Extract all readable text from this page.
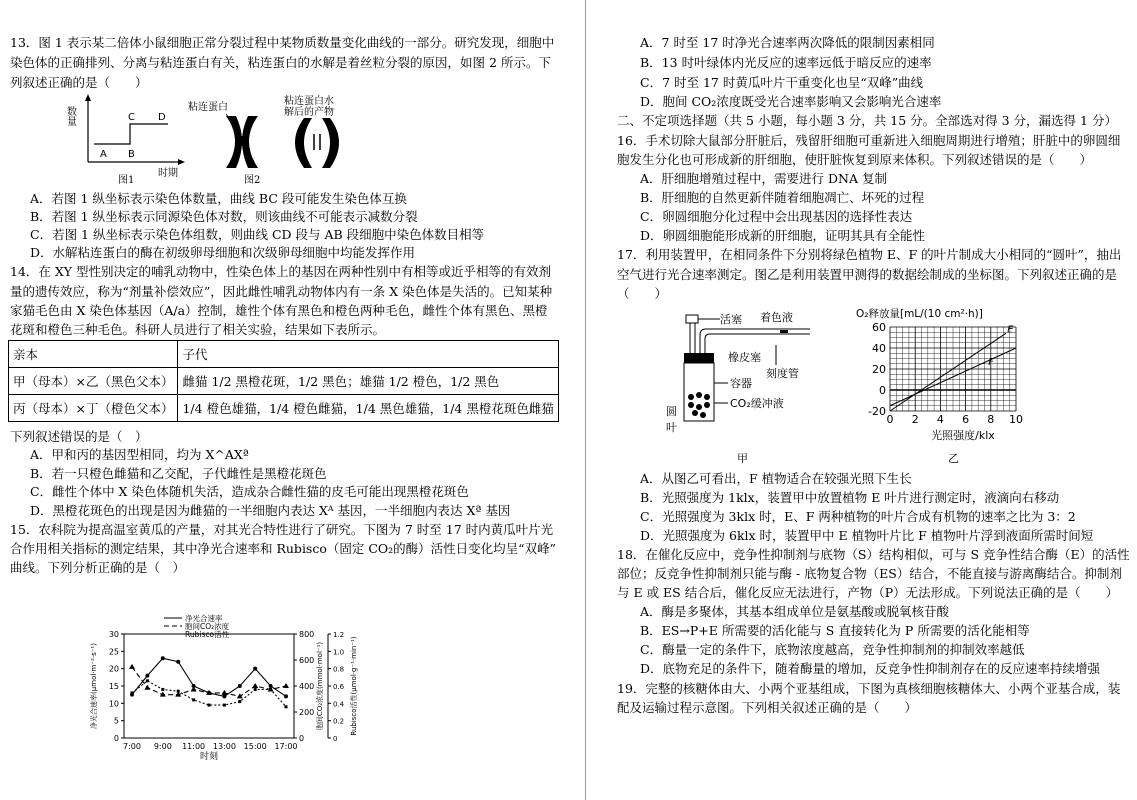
13．图 1 表示某二倍体小鼠细胞正常分裂过程中某物质数量变化曲线的一部分。研究发现，细胞中
染色体的正确排列、分离与粘连蛋白有关，粘连蛋白的水解是着丝粒分裂的原因，如图 2 所示。下
列叙述正确的是（　　）
数量
A B
C D
时期
图1
粘连蛋白
粘连蛋白水
解后的产物
图2
A．若图 1 纵坐标表示染色体数量，曲线 BC 段可能发生染色体互换
B．若图 1 纵坐标表示同源染色体对数，则该曲线不可能表示减数分裂
C．若图 1 纵坐标表示染色体组数，则曲线 CD 段与 AB 段细胞中染色体数目相等
D．水解粘连蛋白的酶在初级卵母细胞和次级卵母细胞中均能发挥作用
14．在 XY 型性别决定的哺乳动物中，性染色体上的基因在两种性别中有相等或近乎相等的有效剂
量的遗传效应，称为“剂量补偿效应”，因此雌性哺乳动物体内有一条 X 染色体是失活的。已知某种
家猫毛色由 X 染色体基因（A/a）控制，雄性个体有黑色和橙色两种毛色，雌性个体有黑色、黑橙
花斑和橙色三种毛色。科研人员进行了相关实验，结果如下表所示。
亲本	子代
甲（母本）×乙（黑色父本）	雌猫 1/2 黑橙花斑，1/2 黑色；雄猫 1/2 橙色，1/2 黑色
丙（母本）×丁（橙色父本）	1/4 橙色雄猫，1/4 橙色雌猫，1/4 黑色雄猫，1/4 黑橙花斑色雌猫
下列叙述错误的是（　）
A．甲和丙的基因型相同，均为 X^AXª
B．若一只橙色雌猫和乙交配，子代雌性是黑橙花斑色
C．雌性个体中 X 染色体随机失活，造成杂合雌性猫的皮毛可能出现黑橙花斑色
D．黑橙花斑色的出现是因为雌猫的一半细胞内表达 Xᴬ 基因，一半细胞内表达 Xª 基因
15．农科院为提高温室黄瓜的产量，对其光合特性进行了研究。下图为 7 时至 17 时内黄瓜叶片光
合作用相关指标的测定结果，其中净光合速率和 Rubisco（固定 CO₂的酶）活性日变化均呈“双峰”
曲线。下列分析正确的是（　）
0
5
10
15
20
25
30
0
200
400
600
800
0
0.2
0.4
0.6
0.8
1.0
1.2
7:00 9:00 11:00 13:00 15:00 17:00
时刻
净光合速率(μmol·m⁻²·s⁻¹)	胞间CO₂浓度(mmol·mol⁻¹)	Rubisco活性(μmol·g⁻¹·min⁻¹)
净光合速率
胞间CO₂浓度
Rubisco活性
A．7 时至 17 时净光合速率两次降低的限制因素相同
B．13 时叶绿体内光反应的速率远低于暗反应的速率
C．7 时至 17 时黄瓜叶片干重变化也呈“双峰”曲线
D．胞间 CO₂浓度既受光合速率影响又会影响光合速率
二、不定项选择题（共 5 小题，每小题 3 分，共 15 分。全部选对得 3 分，漏选得 1 分）
16．手术切除大鼠部分肝脏后，残留肝细胞可重新进入细胞周期进行增殖；肝脏中的卵圆细
胞发生分化也可形成新的肝细胞，使肝脏恢复到原来体积。下列叙述错误的是（　　）
A．肝细胞增殖过程中，需要进行 DNA 复制
B．肝细胞的自然更新伴随着细胞凋亡、坏死的过程
C．卵圆细胞分化过程中会出现基因的选择性表达
D．卵圆细胞能形成新的肝细胞，证明其具有全能性
17．利用装置甲，在相同条件下分别将绿色植物 E、F 的叶片制成大小相同的“圆叶”，抽出
空气进行光合速率测定。图乙是利用装置甲测得的数据绘制成的坐标图。下列叙述正确的是
（　　）
活塞 着色液
橡皮塞
刻度管
容器
CO₂缓冲液
圆
叶
甲
O₂释放量[mL/(10 cm²·h)]
60
40
20
0
-20
0 2 4 6 8 10
光照强度/klx
E
F
乙
A．从图乙可看出，F 植物适合在较强光照下生长
B．光照强度为 1klx，装置甲中放置植物 E 叶片进行测定时，液滴向右移动
C．光照强度为 3klx 时，E、F 两种植物的叶片合成有机物的速率之比为 3：2
D．光照强度为 6klx 时，装置甲中 E 植物叶片比 F 植物叶片浮到液面所需时间短
18．在催化反应中，竞争性抑制剂与底物（S）结构相似，可与 S 竞争性结合酶（E）的活性
部位；反竞争性抑制剂只能与酶 - 底物复合物（ES）结合，不能直接与游离酶结合。抑制剂
与 E 或 ES 结合后，催化反应无法进行，产物（P）无法形成。下列说法正确的是（　　）
A．酶是多聚体，其基本组成单位是氨基酸或脱氧核苷酸
B．ES→P+E 所需要的活化能与 S 直接转化为 P 所需要的活化能相等
C．酶量一定的条件下，底物浓度越高，竞争性抑制剂的抑制效率越低
D．底物充足的条件下，随着酶量的增加，反竞争性抑制剂存在的反应速率持续增强
19．完整的核糖体由大、小两个亚基组成，下图为真核细胞核糖体大、小两个亚基合成，装
配及运输过程示意图。下列相关叙述正确的是（　　）
